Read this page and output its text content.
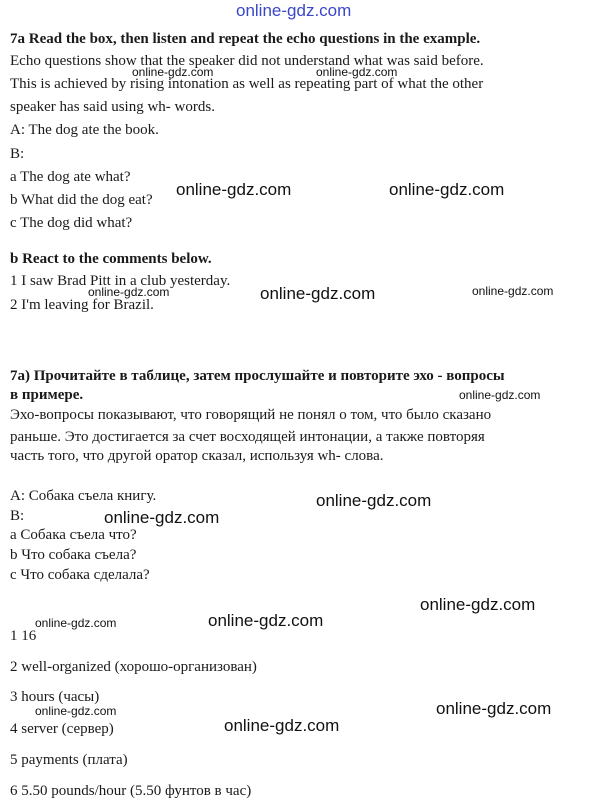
online-gdz.com
7a Read the box, then listen and repeat the echo questions in the example.
Echo questions show that the speaker did not understand what was said before.
This is achieved by rising intonation as well as repeating part of what the other
speaker has said using wh- words.
A: The dog ate the book.
B:
a The dog ate what?
b What did the dog eat?
c The dog did what?
b React to the comments below.
1 I saw Brad Pitt in a club yesterday.
2 I'm leaving for Brazil.
7a) Прочитайте в таблице, затем прослушайте и повторите эхо - вопросы
в примере.
Эхо-вопросы показывают, что говорящий не понял о том, что было сказано
раньше. Это достигается за счет восходящей интонации, а также повторяя
часть того, что другой оратор сказал, используя wh- слова.
A: Собака съела книгу.
B:
a Собака съела что?
b Что собака съела?
c Что собака сделала?
1 16
2 well-organized (хорошо-организован)
3 hours (часы)
4 server (сервер)
5 payments (плата)
6 5.50 pounds/hour (5.50 фунтов в час)
online-gdz.com	online-gdz.com
online-gdz.com	online-gdz.com
online-gdz.com	online-gdz.com	online-gdz.com
online-gdz.com
online-gdz.com
online-gdz.com
online-gdz.com
online-gdz.com
online-gdz.com
online-gdz.com	online-gdz.com
online-gdz.com
